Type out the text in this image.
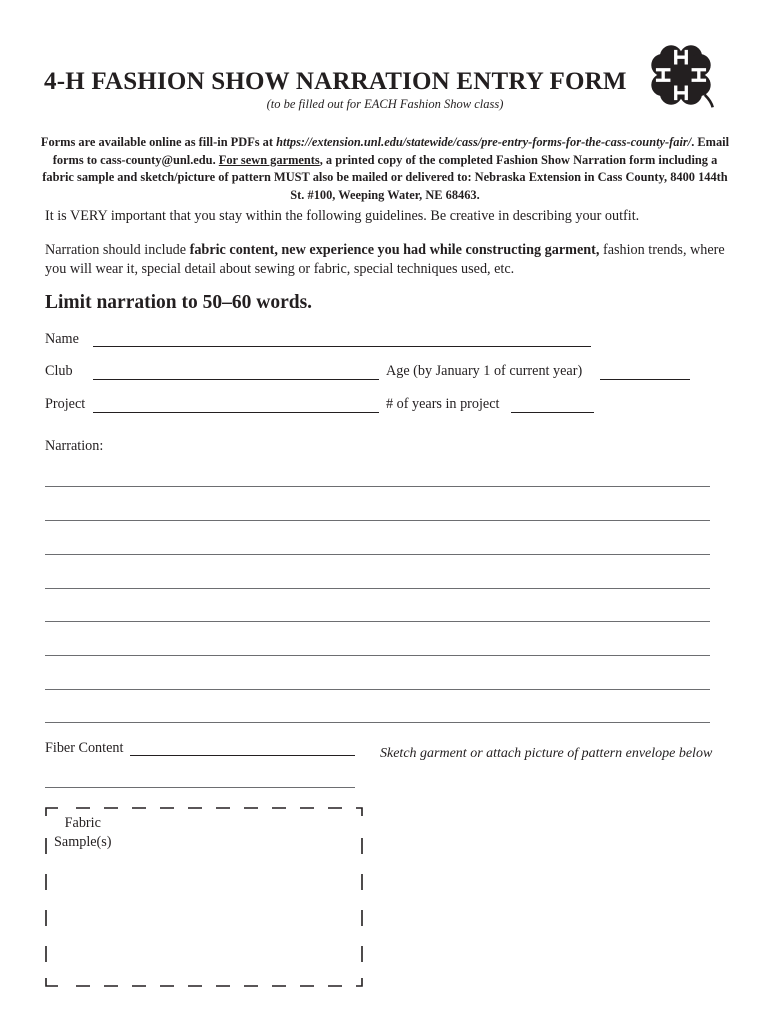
4-H FASHION SHOW NARRATION ENTRY FORM
(to be filled out for EACH Fashion Show class)
Forms are available online as fill-in PDFs at https://extension.unl.edu/statewide/cass/pre-entry-forms-for-the-cass-county-fair/. Email forms to cass-county@unl.edu. For sewn garments, a printed copy of the completed Fashion Show Narration form including a fabric sample and sketch/picture of pattern MUST also be mailed or delivered to: Nebraska Extension in Cass County, 8400 144th St. #100, Weeping Water, NE 68463.
It is VERY important that you stay within the following guidelines. Be creative in describing your outfit.
Narration should include fabric content, new experience you had while constructing garment, fashion trends, where you will wear it, special detail about sewing or fabric, special techniques used, etc.
Limit narration to 50–60 words.
Name
Club	Age (by January 1 of current year)
Project	# of years in project
Narration:
Fiber Content	Sketch garment or attach picture of pattern envelope below
Fabric
Sample(s)
